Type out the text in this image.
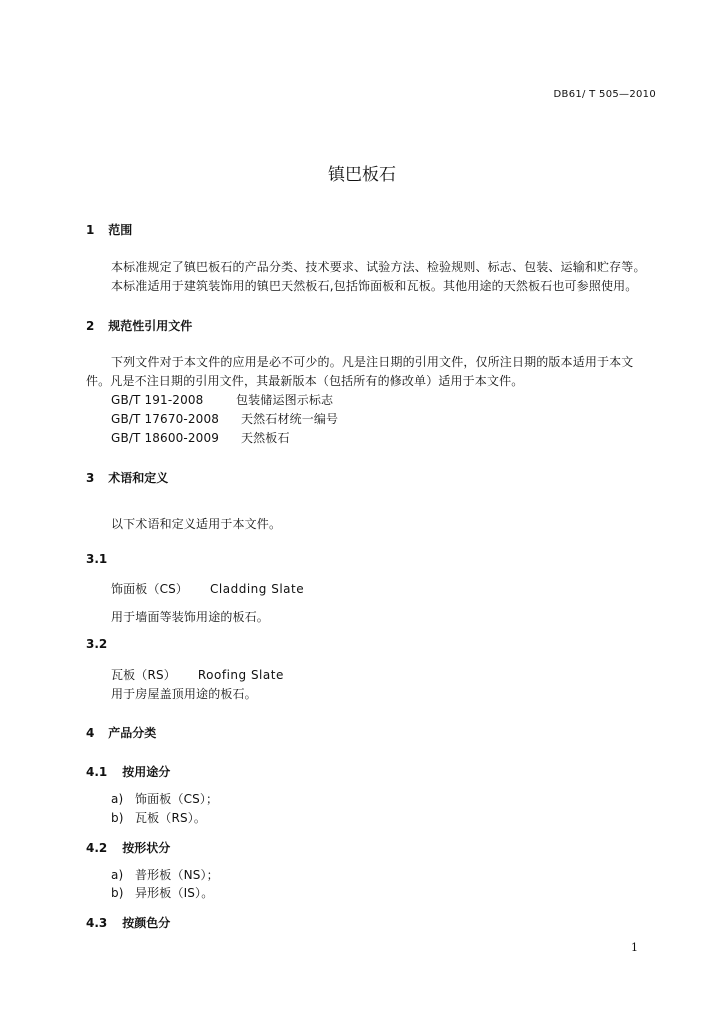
DB61/ T 505—2010
镇巴板石
1 范围
本标准规定了镇巴板石的产品分类、技术要求、试验方法、检验规则、标志、包装、运输和贮存等。
本标准适用于建筑装饰用的镇巴天然板石,包括饰面板和瓦板。其他用途的天然板石也可参照使用。
2 规范性引用文件
下列文件对于本文件的应用是必不可少的。凡是注日期的引用文件，仅所注日期的版本适用于本文
件。凡是不注日期的引用文件，其最新版本（包括所有的修改单）适用于本文件。
GB/T 191-2008	包装储运图示标志
GB/T 17670-2008 天然石材统一编号
GB/T 18600-2009 天然板石
3 术语和定义
以下术语和定义适用于本文件。
3.1
饰面板（CS） Cladding Slate
用于墙面等装饰用途的板石。
3.2
瓦板（RS） Roofing Slate
用于房屋盖顶用途的板石。
4 产品分类
4.1 按用途分
a) 饰面板（CS）；
b) 瓦板（RS）。
4.2 按形状分
a) 普形板（NS）；
b) 异形板（IS）。
4.3 按颜色分
1
